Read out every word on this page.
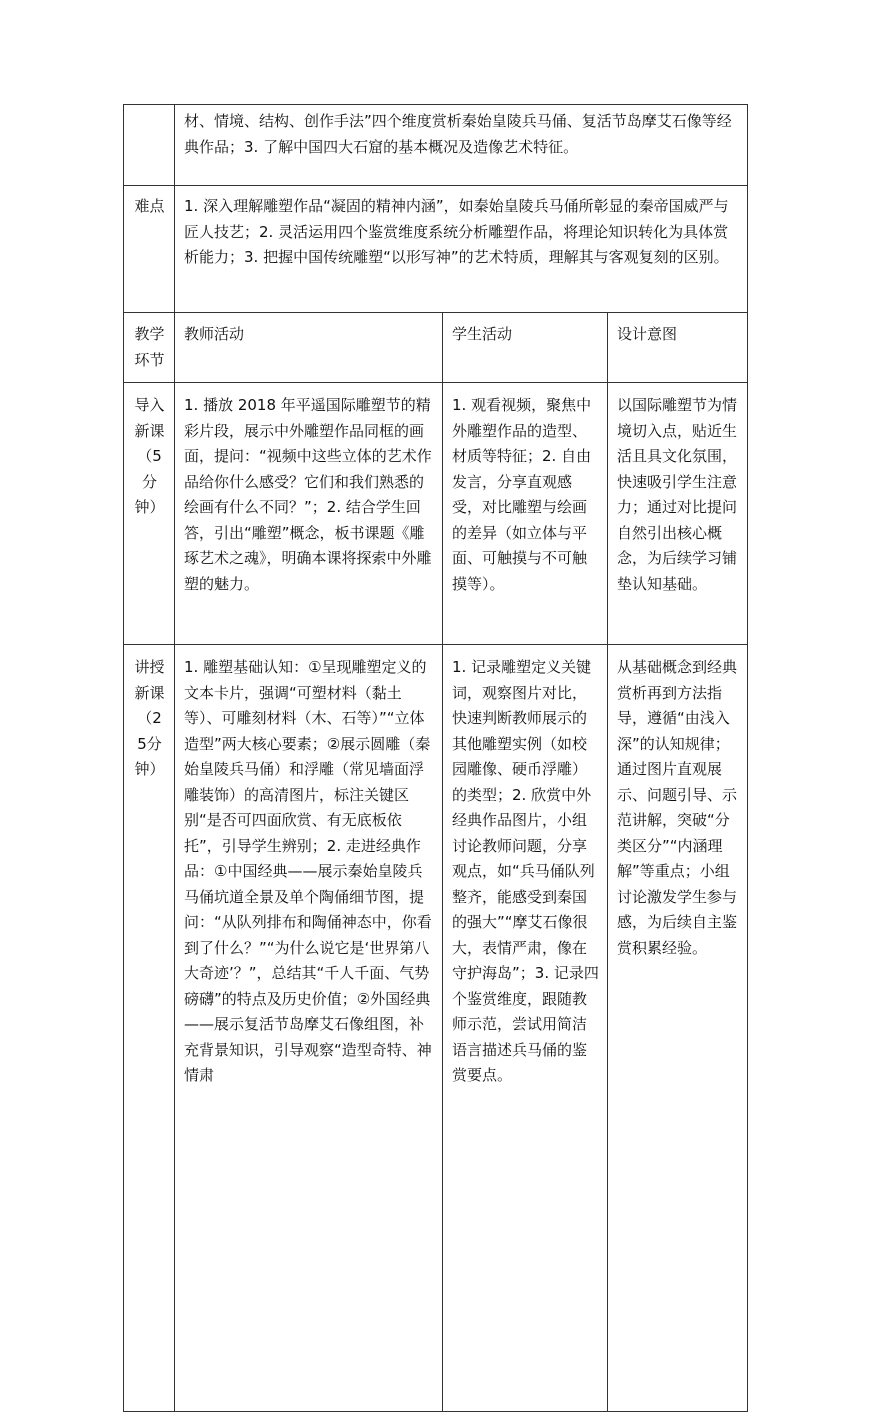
	材、情境、结构、创作手法”四个维度赏析秦始皇陵兵马俑、复活节岛摩艾石像等经典作品；3. 了解中国四大石窟的基本概况及造像艺术特征。		
难点	1. 深入理解雕塑作品“凝固的精神内涵”，如秦始皇陵兵马俑所彰显的秦帝国威严与匠人技艺；2. 灵活运用四个鉴赏维度系统分析雕塑作品，将理论知识转化为具体赏析能力；3. 把握中国传统雕塑“以形写神”的艺术特质，理解其与客观复刻的区别。		
教学环节	教师活动	学生活动	设计意图
导入新课（5分钟）	1. 播放 2018 年平遥国际雕塑节的精彩片段，展示中外雕塑作品同框的画面，提问：“视频中这些立体的艺术作品给你什么感受？它们和我们熟悉的绘画有什么不同？”；2. 结合学生回答，引出“雕塑”概念，板书课题《雕琢艺术之魂》，明确本课将探索中外雕塑的魅力。	1. 观看视频，聚焦中外雕塑作品的造型、材质等特征；2. 自由发言，分享直观感受，对比雕塑与绘画的差异（如立体与平面、可触摸与不可触摸等）。	以国际雕塑节为情境切入点，贴近生活且具文化氛围，快速吸引学生注意力；通过对比提问自然引出核心概念，为后续学习铺垫认知基础。
讲授新课（25分钟）	1. 雕塑基础认知：①呈现雕塑定义的文本卡片，强调“可塑材料（黏土等）、可雕刻材料（木、石等）”“立体造型”两大核心要素；②展示圆雕（秦始皇陵兵马俑）和浮雕（常见墙面浮雕装饰）的高清图片，标注关键区别“是否可四面欣赏、有无底板依托”，引导学生辨别；2. 走进经典作品：①中国经典——展示秦始皇陵兵马俑坑道全景及单个陶俑细节图，提问：“从队列排布和陶俑神态中，你看到了什么？”“为什么说它是‘世界第八大奇迹’？”，总结其“千人千面、气势磅礴”的特点及历史价值；②外国经典——展示复活节岛摩艾石像组图，补充背景知识，引导观察“造型奇特、神情肃	1. 记录雕塑定义关键词，观察图片对比，快速判断教师展示的其他雕塑实例（如校园雕像、硬币浮雕）的类型；2. 欣赏中外经典作品图片，小组讨论教师问题，分享观点，如“兵马俑队列整齐，能感受到秦国的强大”“摩艾石像很大，表情严肃，像在守护海岛”；3. 记录四个鉴赏维度，跟随教师示范，尝试用简洁语言描述兵马俑的鉴赏要点。	从基础概念到经典赏析再到方法指导，遵循“由浅入深”的认知规律；通过图片直观展示、问题引导、示范讲解，突破“分类区分”“内涵理解”等重点；小组讨论激发学生参与感，为后续自主鉴赏积累经验。
